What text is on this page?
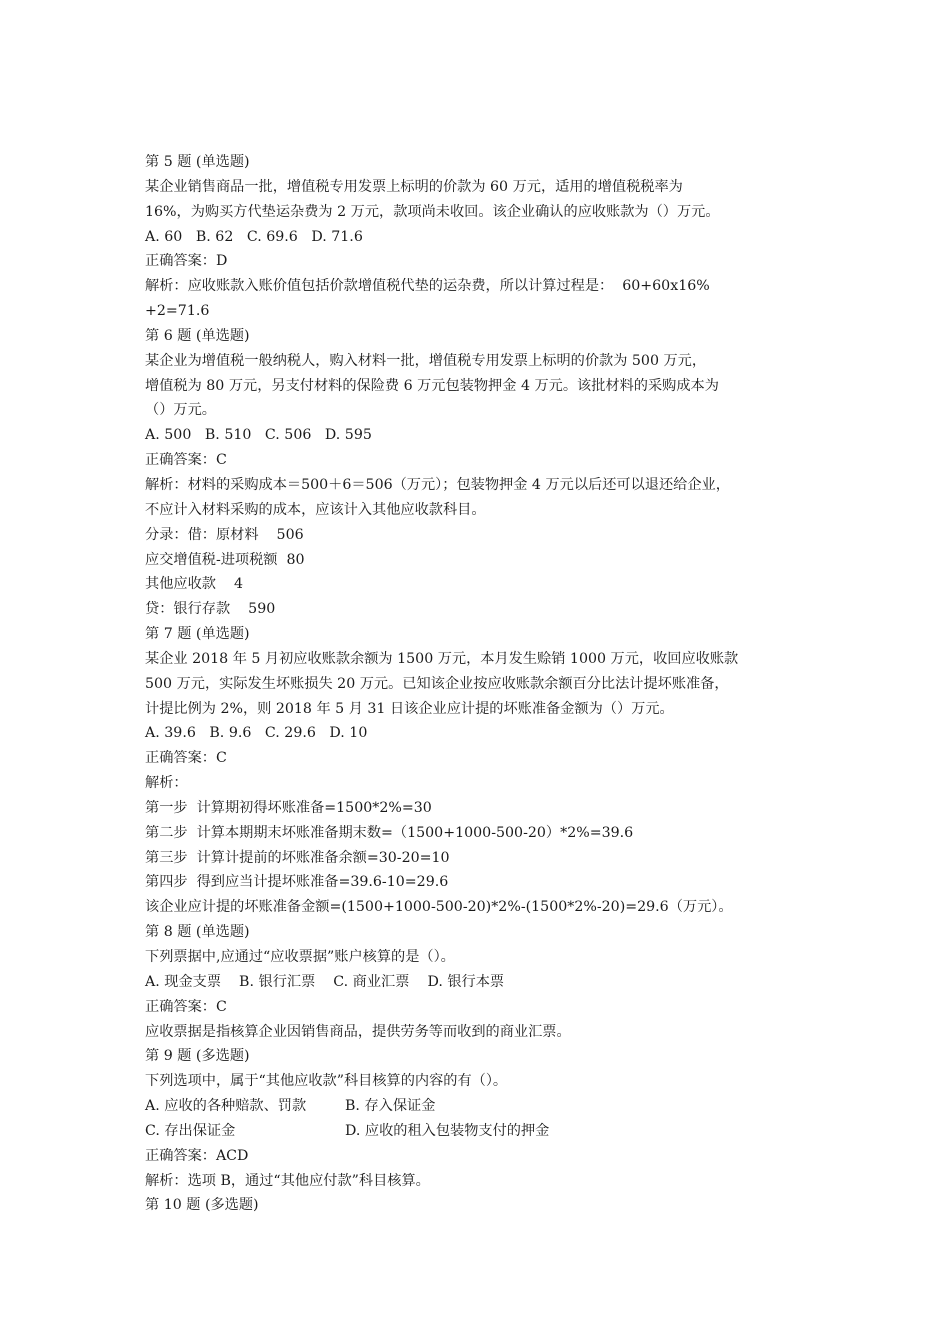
第 5 题 (单选题)
某企业销售商品一批，增值税专用发票上标明的价款为 60 万元，适用的增值税税率为
16%，为购买方代垫运杂费为 2 万元，款项尚未收回。该企业确认的应收账款为（）万元。
A. 60   B. 62   C. 69.6   D. 71.6
正确答案：D
解析：应收账款入账价值包括价款增值税代垫的运杂费，所以计算过程是：  60+60x16%
+2=71.6
第 6 题 (单选题)
某企业为增值税一般纳税人，购入材料一批，增值税专用发票上标明的价款为 500 万元，
增值税为 80 万元，另支付材料的保险费 6 万元包装物押金 4 万元。该批材料的采购成本为
（）万元。
A. 500   B. 510   C. 506   D. 595
正确答案：C
解析：材料的采购成本＝500＋6＝506（万元）；包装物押金 4 万元以后还可以退还给企业，
不应计入材料采购的成本，应该计入其他应收款科目。
分录：借：原材料    506
应交增值税-进项税额  80
其他应收款    4
贷：银行存款    590
第 7 题 (单选题)
某企业 2018 年 5 月初应收账款余额为 1500 万元，本月发生赊销 1000 万元，收回应收账款
500 万元，实际发生坏账损失 20 万元。已知该企业按应收账款余额百分比法计提坏账准备，
计提比例为 2%，则 2018 年 5 月 31 日该企业应计提的坏账准备金额为（）万元。
A. 39.6   B. 9.6   C. 29.6   D. 10
正确答案：C
解析：
第一步  计算期初得坏账准备=1500*2%=30
第二步  计算本期期末坏账准备期末数=（1500+1000-500-20）*2%=39.6
第三步  计算计提前的坏账准备余额=30-20=10
第四步  得到应当计提坏账准备=39.6-10=29.6
该企业应计提的坏账准备金额=(1500+1000-500-20)*2%-(1500*2%-20)=29.6（万元）。
第 8 题 (单选题)
下列票据中,应通过“应收票据”账户核算的是（）。
A. 现金支票    B. 银行汇票    C. 商业汇票    D. 银行本票
正确答案：C
应收票据是指核算企业因销售商品，提供劳务等而收到的商业汇票。
第 9 题 (多选题)
下列选项中，属于“其他应收款”科目核算的内容的有（）。
A. 应收的各种赔款、罚款	B. 存入保证金
C. 存出保证金	D. 应收的租入包装物支付的押金
正确答案：ACD
解析：选项 B，通过“其他应付款”科目核算。
第 10 题 (多选题)
